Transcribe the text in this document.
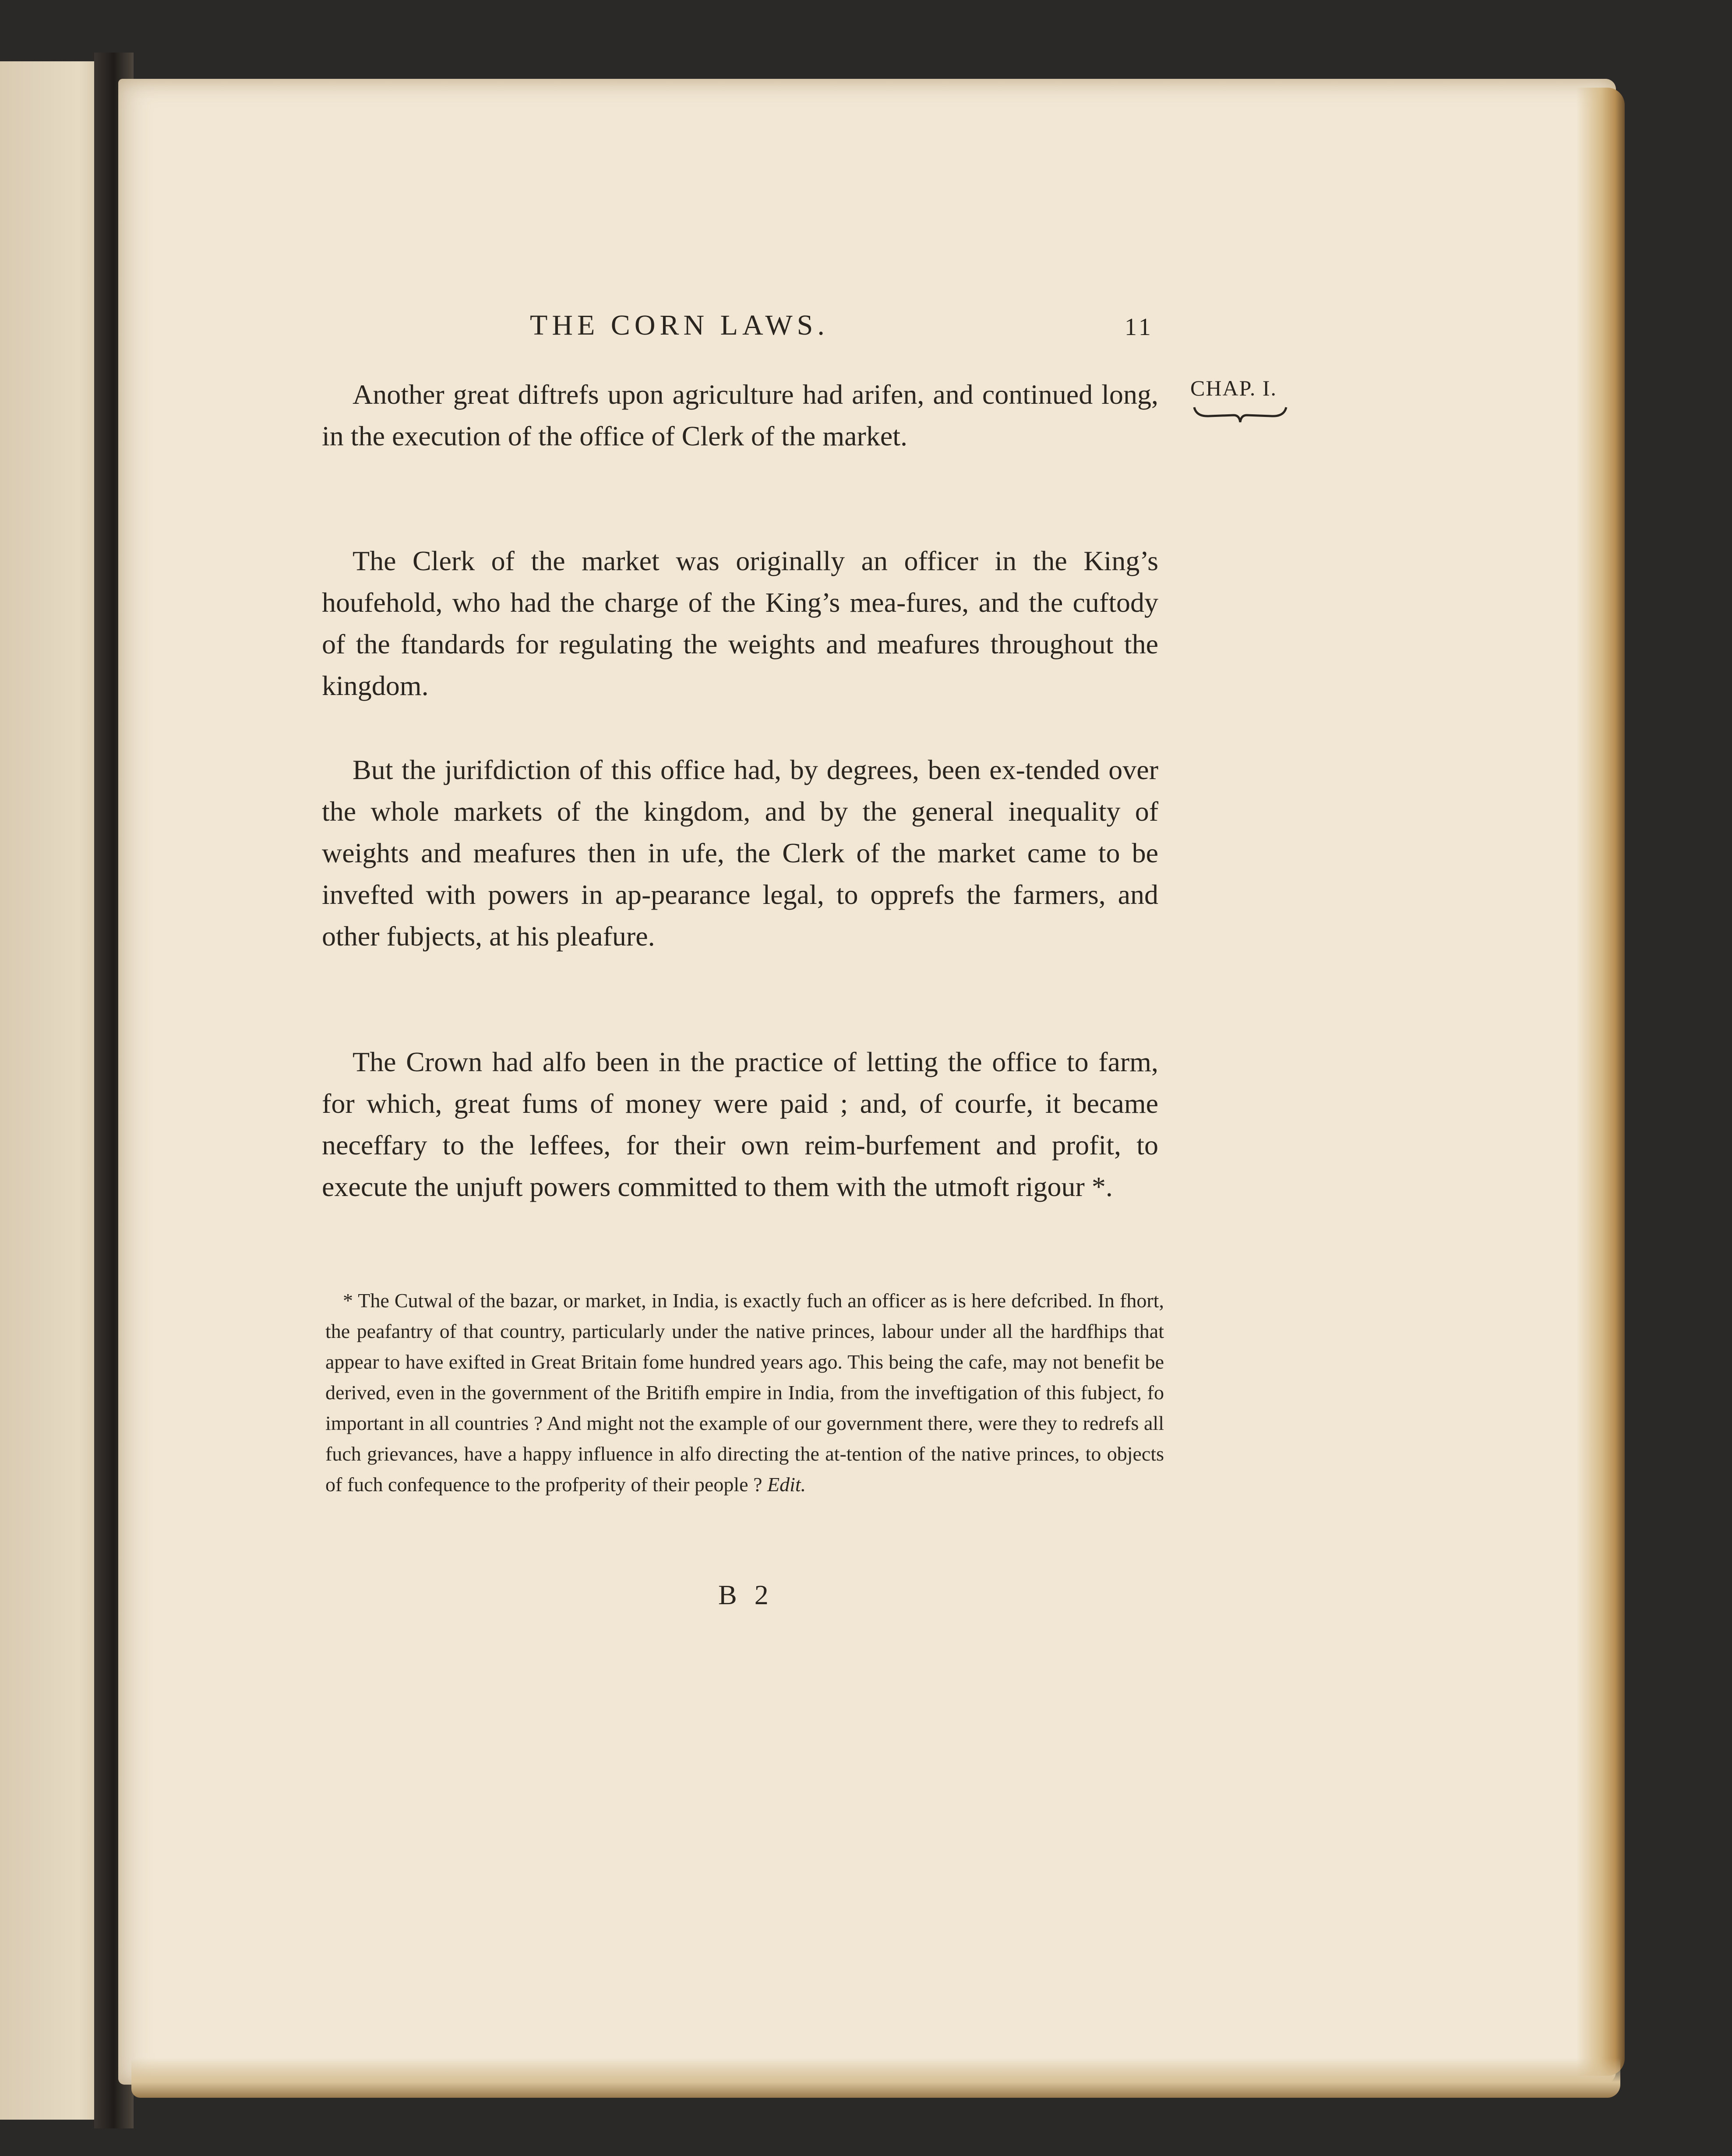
THE CORN LAWS.	11
CHAP. I.

Another great diftrefs upon agriculture had arifen, and continued long, in the execution of the office of Clerk of the market.

The Clerk of the market was originally an officer in the King’s houfehold, who had the charge of the King’s mea-fures, and the cuftody of the ftandards for regulating the weights and meafures throughout the kingdom.

But the jurifdiction of this office had, by degrees, been ex-tended over the whole markets of the kingdom, and by the general inequality of weights and meafures then in ufe, the Clerk of the market came to be invefted with powers in ap-pearance legal, to opprefs the farmers, and other fubjects, at his pleafure.

The Crown had alfo been in the practice of letting the office to farm, for which, great fums of money were paid ; and, of courfe, it became neceffary to the leffees, for their own reim-burfement and profit, to execute the unjuft powers committed to them with the utmoft rigour *.

* The Cutwal of the bazar, or market, in India, is exactly fuch an officer as is here defcribed. In fhort, the peafantry of that country, particularly under the native princes, labour under all the hardfhips that appear to have exifted in Great Britain fome hundred years ago. This being the cafe, may not benefit be derived, even in the government of the Britifh empire in India, from the inveftigation of this fubject, fo important in all countries ? And might not the example of our government there, were they to redrefs all fuch grievances, have a happy influence in alfo directing the at-tention of the native princes, to objects of fuch confequence to the profperity of their people ? Edit.

B 2
